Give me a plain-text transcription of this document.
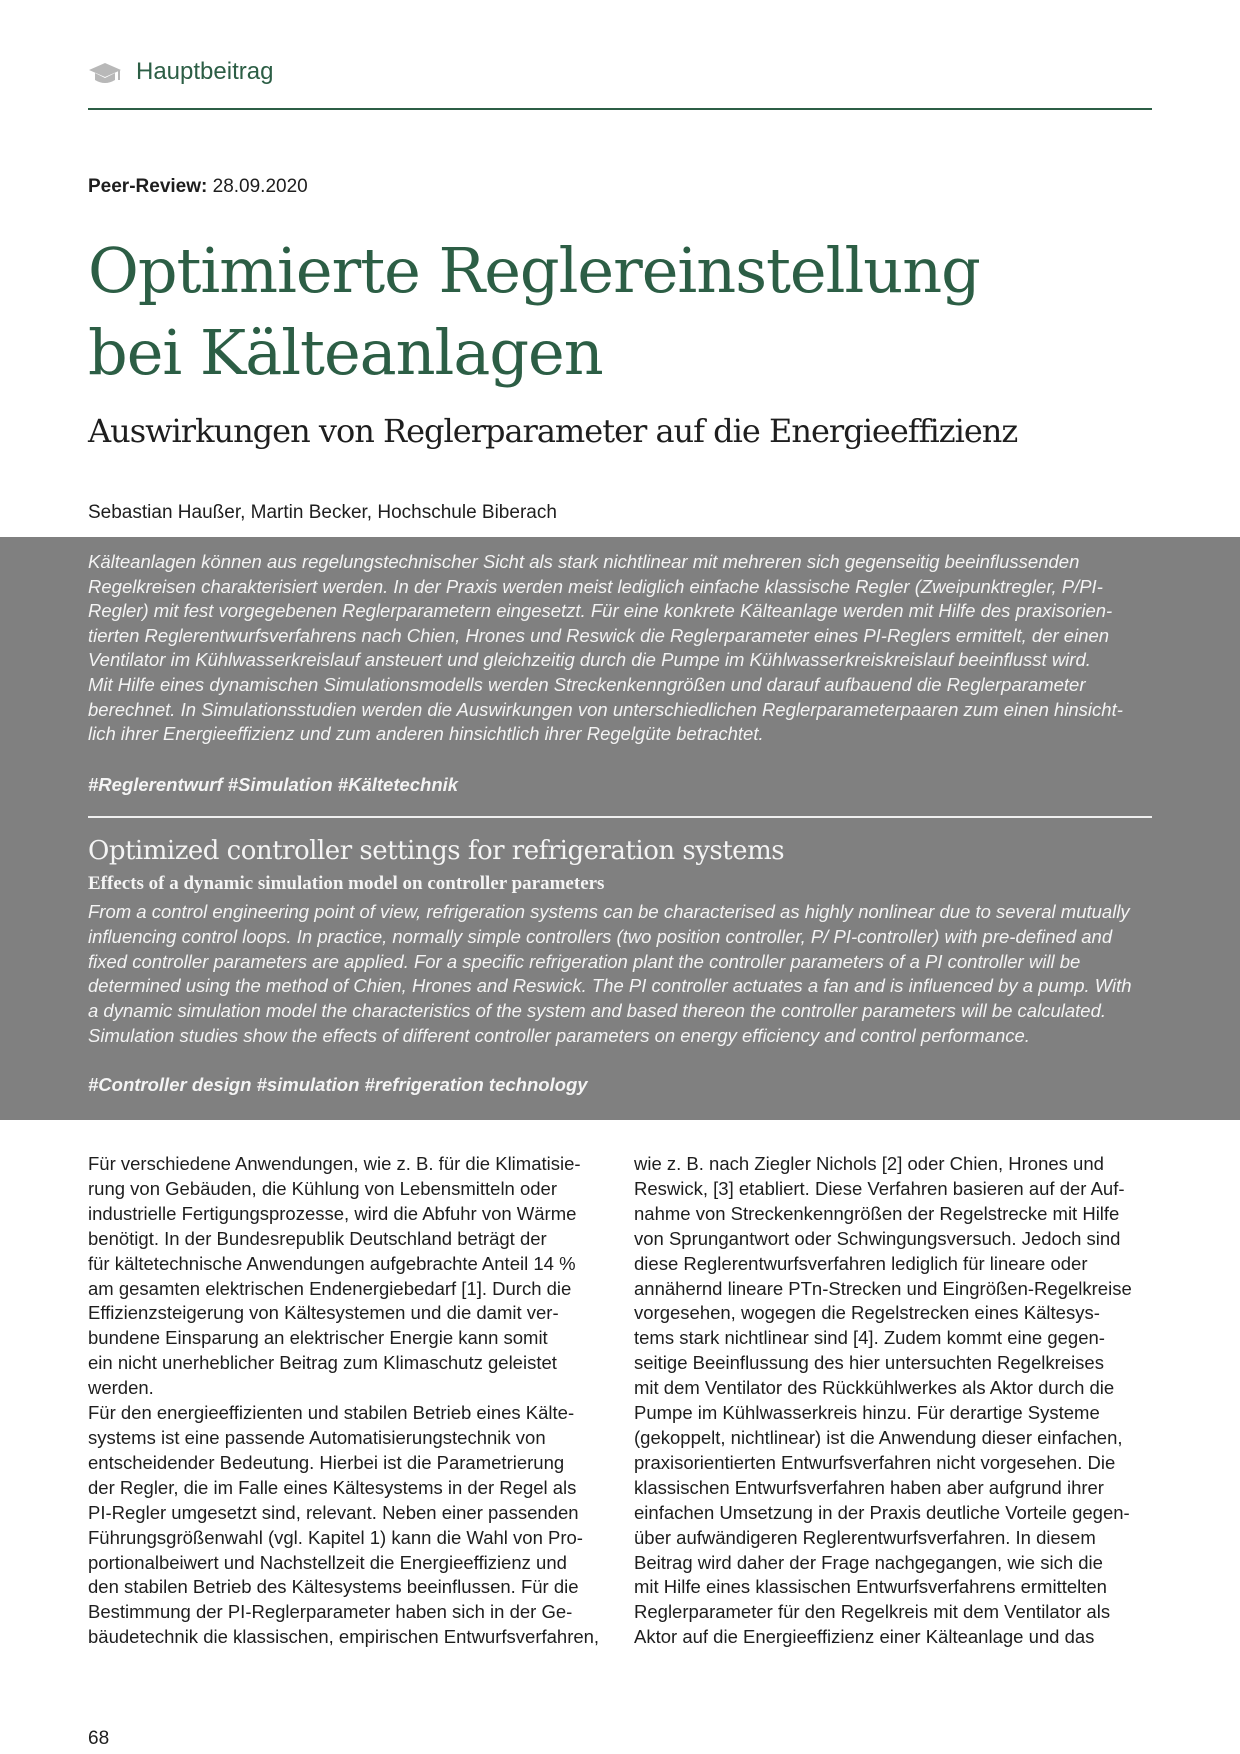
Hauptbeitrag
Peer-Review: 28.09.2020
Optimierte Reglereinstellung
bei Kälteanlagen
Auswirkungen von Reglerparameter auf die Energieeffizienz
Sebastian Haußer, Martin Becker, Hochschule Biberach
Kälteanlagen können aus regelungstechnischer Sicht als stark nichtlinear mit mehreren sich gegenseitig beeinflussenden
Regelkreisen charakterisiert werden. In der Praxis werden meist lediglich einfache klassische Regler (Zweipunktregler, P/PI-
Regler) mit fest vorgegebenen Reglerparametern eingesetzt. Für eine konkrete Kälteanlage werden mit Hilfe des praxisorien-
tierten Reglerentwurfsverfahrens nach Chien, Hrones und Reswick die Reglerparameter eines PI-Reglers ermittelt, der einen
Ventilator im Kühlwasserkreislauf ansteuert und gleichzeitig durch die Pumpe im Kühlwasserkreiskreislauf beeinflusst wird.
Mit Hilfe eines dynamischen Simulationsmodells werden Streckenkenngrößen und darauf aufbauend die Reglerparameter
berechnet. In Simulationsstudien werden die Auswirkungen von unterschiedlichen Reglerparameterpaaren zum einen hinsicht-
lich ihrer Energieeffizienz und zum anderen hinsichtlich ihrer Regelgüte betrachtet.
#Reglerentwurf #Simulation #Kältetechnik
Optimized controller settings for refrigeration systems
Effects of a dynamic simulation model on controller parameters
From a control engineering point of view, refrigeration systems can be characterised as highly nonlinear due to several mutually
influencing control loops. In practice, normally simple controllers (two position controller, P/ PI-controller) with pre-defined and
fixed controller parameters are applied. For a specific refrigeration plant the controller parameters of a PI controller will be
determined using the method of Chien, Hrones and Reswick. The PI controller actuates a fan and is influenced by a pump. With
a dynamic simulation model the characteristics of the system and based thereon the controller parameters will be calculated.
Simulation studies show the effects of different controller parameters on energy efficiency and control performance.
#Controller design #simulation #refrigeration technology
Für verschiedene Anwendungen, wie z. B. für die Klimatisie-
rung von Gebäuden, die Kühlung von Lebensmitteln oder
industrielle Fertigungsprozesse, wird die Abfuhr von Wärme
benötigt. In der Bundesrepublik Deutschland beträgt der
für kältetechnische Anwendungen aufgebrachte Anteil 14 %
am gesamten elektrischen Endenergiebedarf [1]. Durch die
Effizienzsteigerung von Kältesystemen und die damit ver-
bundene Einsparung an elektrischer Energie kann somit
ein nicht unerheblicher Beitrag zum Klimaschutz geleistet
werden.
Für den energieeffizienten und stabilen Betrieb eines Kälte-
systems ist eine passende Automatisierungstechnik von
entscheidender Bedeutung. Hierbei ist die Parametrierung
der Regler, die im Falle eines Kältesystems in der Regel als
PI-Regler umgesetzt sind, relevant. Neben einer passenden
Führungsgrößenwahl (vgl. Kapitel 1) kann die Wahl von Pro-
portionalbeiwert und Nachstellzeit die Energieeffizienz und
den stabilen Betrieb des Kältesystems beeinflussen. Für die
Bestimmung der PI-Reglerparameter haben sich in der Ge-
bäudetechnik die klassischen, empirischen Entwurfsverfahren,
wie z. B. nach Ziegler Nichols [2] oder Chien, Hrones und
Reswick, [3] etabliert. Diese Verfahren basieren auf der Auf-
nahme von Streckenkenngrößen der Regelstrecke mit Hilfe
von Sprungantwort oder Schwingungsversuch. Jedoch sind
diese Reglerentwurfsverfahren lediglich für lineare oder
annähernd lineare PTn-Strecken und Eingrößen-Regelkreise
vorgesehen, wogegen die Regelstrecken eines Kältesys-
tems stark nichtlinear sind [4]. Zudem kommt eine gegen-
seitige Beeinflussung des hier untersuchten Regelkreises
mit dem Ventilator des Rückkühlwerkes als Aktor durch die
Pumpe im Kühlwasserkreis hinzu. Für derartige Systeme
(gekoppelt, nichtlinear) ist die Anwendung dieser einfachen,
praxisorientierten Entwurfsverfahren nicht vorgesehen. Die
klassischen Entwurfsverfahren haben aber aufgrund ihrer
einfachen Umsetzung in der Praxis deutliche Vorteile gegen-
über aufwändigeren Reglerentwurfsverfahren. In diesem
Beitrag wird daher der Frage nachgegangen, wie sich die
mit Hilfe eines klassischen Entwurfsverfahrens ermittelten
Reglerparameter für den Regelkreis mit dem Ventilator als
Aktor auf die Energieeffizienz einer Kälteanlage und das
68
